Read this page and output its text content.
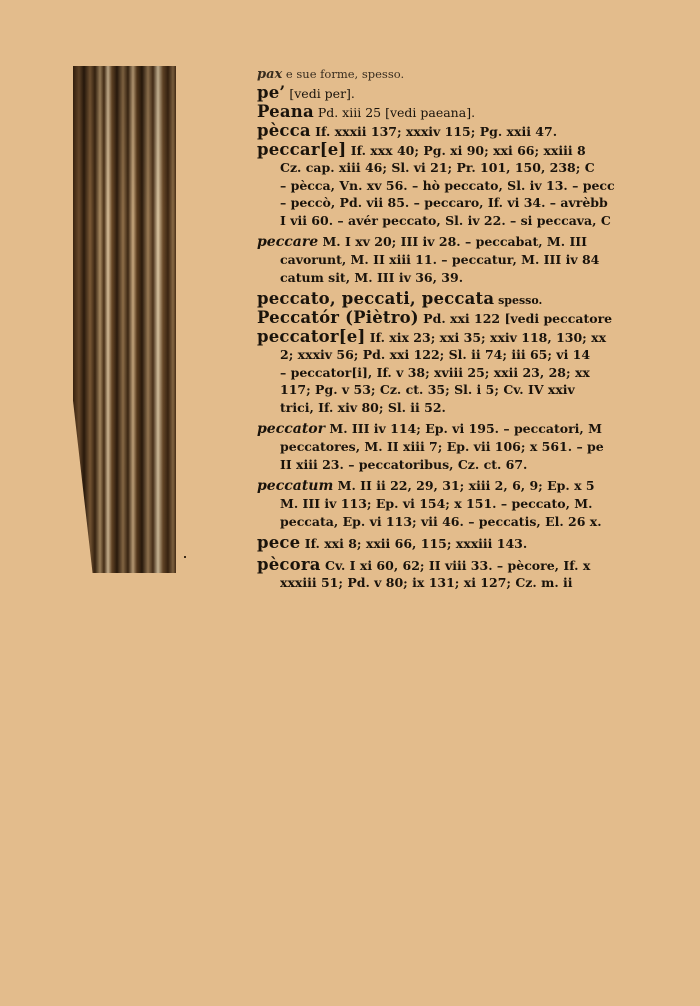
pax e sue forme, spesso.
pe’ [vedi per].
Peana Pd. xiii 25 [vedi paeana].
pècca If. xxxii 137; xxxiv 115; Pg. xxii 47.
peccar[e] If. xxx 40; Pg. xi 90; xxi 66; xxiii 8
Cz. cap. xiii 46; Sl. vi 21; Pr. 101, 150, 238; C
– pècca, Vn. xv 56. – hò peccato, Sl. iv 13. – pecc
– peccò, Pd. vii 85. – peccaro, If. vi 34. – avrèbb
I vii 60. – avér peccato, Sl. iv 22. – si peccava, C
peccare M. I xv 20; III iv 28. – peccabat, M. III
cavorunt, M. II xiii 11. – peccatur, M. III iv 84
catum sit, M. III iv 36, 39.
peccato, peccati, peccata spesso.
Peccatór (Piètro) Pd. xxi 122 [vedi peccatore
peccator[e] If. xix 23; xxi 35; xxiv 118, 130; xx
2; xxxiv 56; Pd. xxi 122; Sl. ii 74; iii 65; vi 14
– peccator[i], If. v 38; xviii 25; xxii 23, 28; xx
117; Pg. v 53; Cz. ct. 35; Sl. i 5; Cv. IV xxiv
trici, If. xiv 80; Sl. ii 52.
peccator M. III iv 114; Ep. vi 195. – peccatori, M
peccatores, M. II xiii 7; Ep. vii 106; x 561. – pe
II xiii 23. – peccatoribus, Cz. ct. 67.
peccatum M. II ii 22, 29, 31; xiii 2, 6, 9; Ep. x 5
M. III iv 113; Ep. vi 154; x 151. – peccato, M.
peccata, Ep. vi 113; vii 46. – peccatis, El. 26 x.
pece If. xxi 8; xxii 66, 115; xxxiii 143.
pècora Cv. I xi 60, 62; II viii 33. – pècore, If. x
xxxiii 51; Pd. v 80; ix 131; xi 127; Cz. m. ii
